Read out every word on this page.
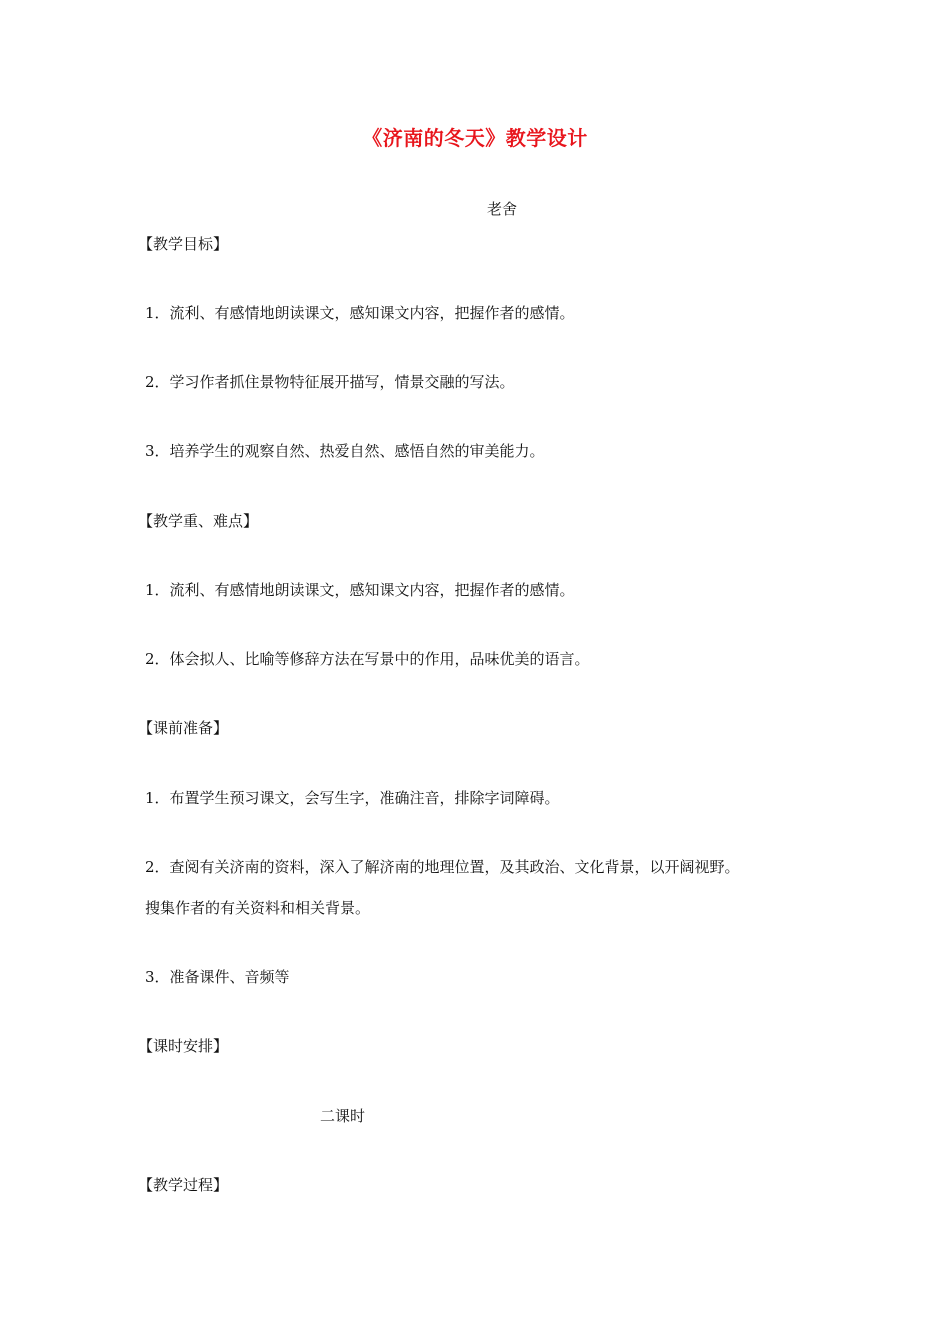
《济南的冬天》教学设计
老舍
【教学目标】
1．流利、有感情地朗读课文，感知课文内容，把握作者的感情。
2．学习作者抓住景物特征展开描写，情景交融的写法。
3．培养学生的观察自然、热爱自然、感悟自然的审美能力。
【教学重、难点】
1．流利、有感情地朗读课文，感知课文内容，把握作者的感情。
2．体会拟人、比喻等修辞方法在写景中的作用，品味优美的语言。
【课前准备】
1．布置学生预习课文，会写生字，准确注音，排除字词障碍。
2．查阅有关济南的资料，深入了解济南的地理位置，及其政治、文化背景，以开阔视野。
搜集作者的有关资料和相关背景。
3．准备课件、音频等
【课时安排】
二课时
【教学过程】
